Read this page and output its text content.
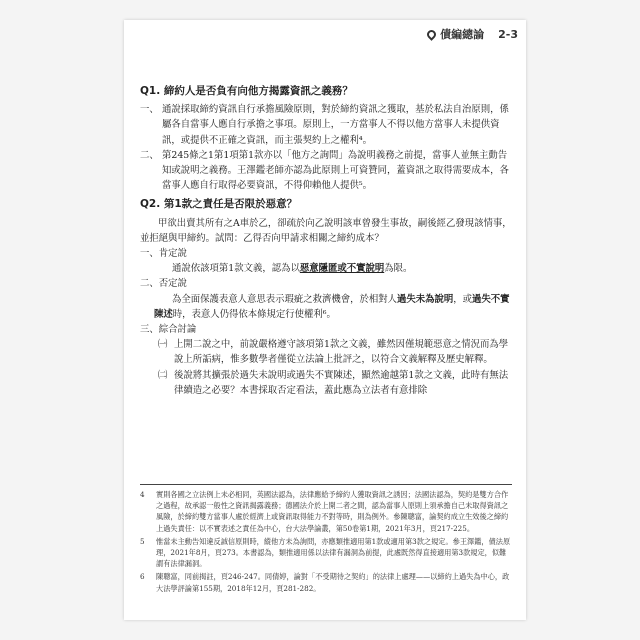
債編總論 2-3
Q1. 締約人是否負有向他方揭露資訊之義務？
一、 通說採取締約資訊自行承擔風險原則，對於締約資訊之獲取，基於私法自治原則，係屬各自當事人應自行承擔之事項。原則上，一方當事人不得以他方當事人未提供資訊，或提供不正確之資訊，而主張契約上之權利⁴。
二、 第245條之1第1項第1款亦以「他方之詢問」為說明義務之前提，當事人並無主動告知或說明之義務。王澤鑑老師亦認為此原則上可資贊同，蓋資訊之取得需要成本，各當事人應自行取得必要資訊，不得仰賴他人提供⁵。
Q2. 第1款之責任是否限於惡意？
甲欲出賣其所有之A車於乙，卻疏於向乙說明該車曾發生事故，嗣後經乙發現該情事，並拒絕與甲締約。試問：乙得否向甲請求相關之締約成本？
一、肯定說
通說依該項第1款文義，認為以惡意隱匿或不實說明為限。
二、否定說
為全面保護表意人意思表示瑕疵之救濟機會，於相對人過失未為說明，或過失不實陳述時，表意人仍得依本條規定行使權利⁶。
三、綜合討論
㈠ 上開二說之中，前說嚴格遵守該項第1款之文義，雖然因僅規範惡意之情況而為學說上所詬病，惟多數學者僅從立法論上批評之，以符合文義解釋及歷史解釋。
㈡ 後說將其擴張於過失未說明或過失不實陳述，顯然逾越第1款之文義，此時有無法律續造之必要？本書採取否定看法，蓋此應為立法者有意排除
4	實則各國之立法例上未必相同，英國法認為，法律應給予締約人獲取資訊之誘因；法國法認為，契約是雙方合作之過程，故承認一般性之資訊揭露義務；德國法介於上開二者之間，認為當事人原則上須承擔自己未取得資訊之風險，於締約雙方當事人處於經濟上或資訊取得能力不對等時，則為例外。參陳聰富，論契約成立生效後之締約上過失責任：以不實表述之責任為中心，台大法學論叢，第50卷第1期，2021年3月，頁217-225。
5	惟當未主動告知違反誠信原則時，縱他方未為詢問，亦應類推適用第1款或適用第3款之規定。參王澤鑑，債法原理，2021年8月，頁273。本書認為，類推適用係以法律有漏洞為前提，此處既然得直接適用第3款規定，似難謂有法律漏洞。
6	陳聰富，同前揭註，頁246-247。同倩婷，論對「不受期待之契約」的法律上處理——以締約上過失為中心，政大法學評論第155期，2018年12月，頁281-282。
